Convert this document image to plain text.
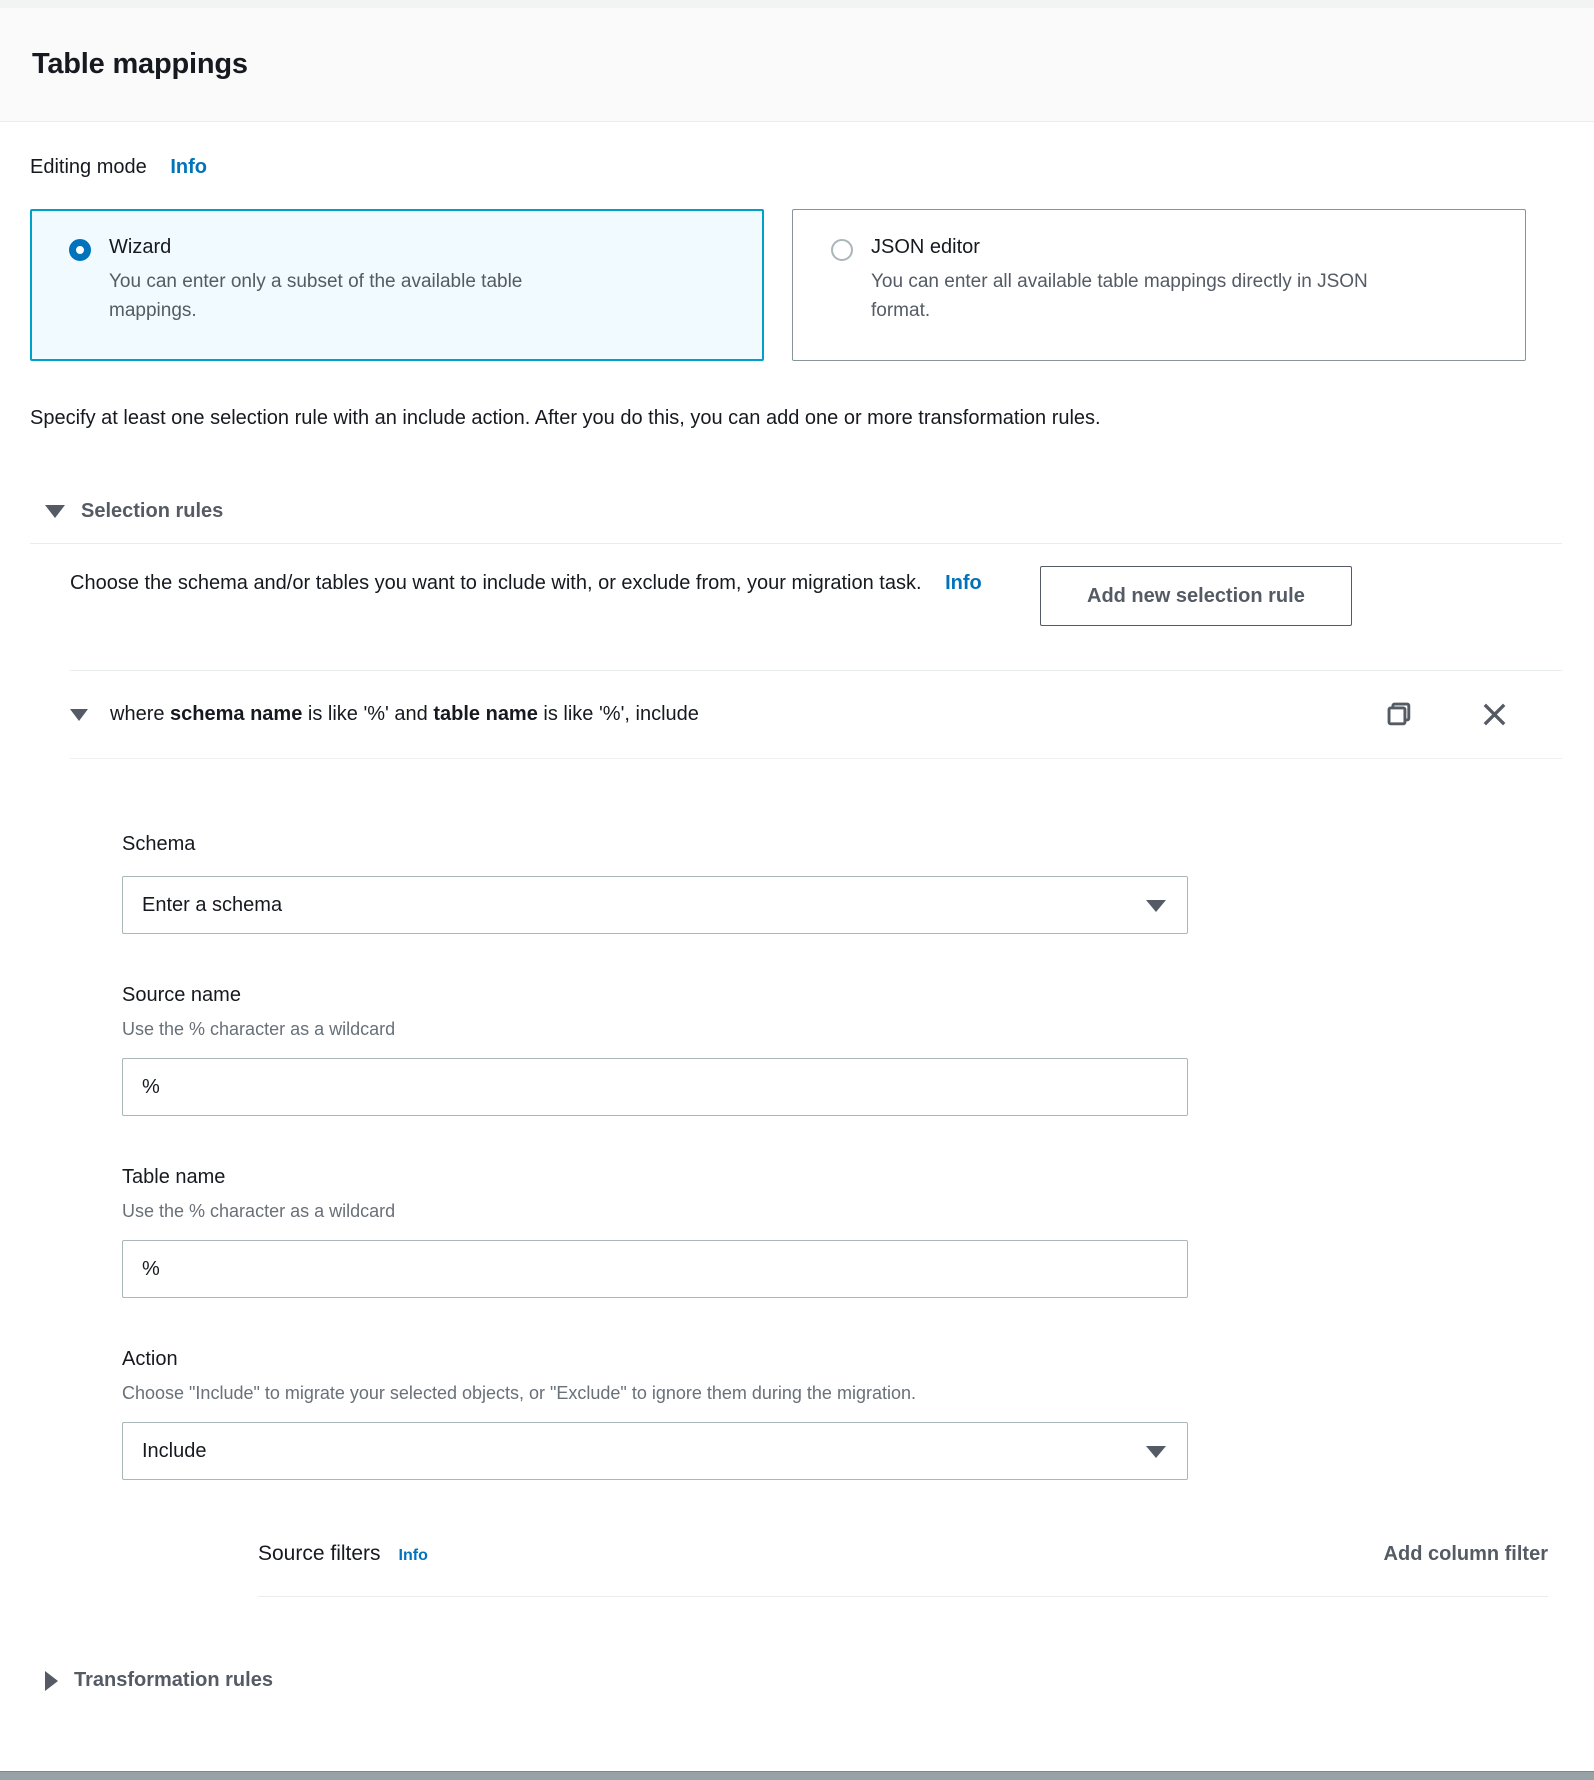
Table mappings
Editing mode Info
Wizard
You can enter only a subset of the available table mappings.
JSON editor
You can enter all available table mappings directly in JSON format.

Specify at least one selection rule with an include action. After you do this, you can add one or more transformation rules.

Selection rules
Choose the schema and/or tables you want to include with, or exclude from, your migration task. Info
Add new selection rule
where schema name is like '%' and table name is like '%', include
Schema
Enter a schema
Source name
Use the % character as a wildcard
%
Table name
Use the % character as a wildcard
%
Action
Choose "Include" to migrate your selected objects, or "Exclude" to ignore them during the migration.
Include
Source filters Info	Add column filter
Transformation rules
